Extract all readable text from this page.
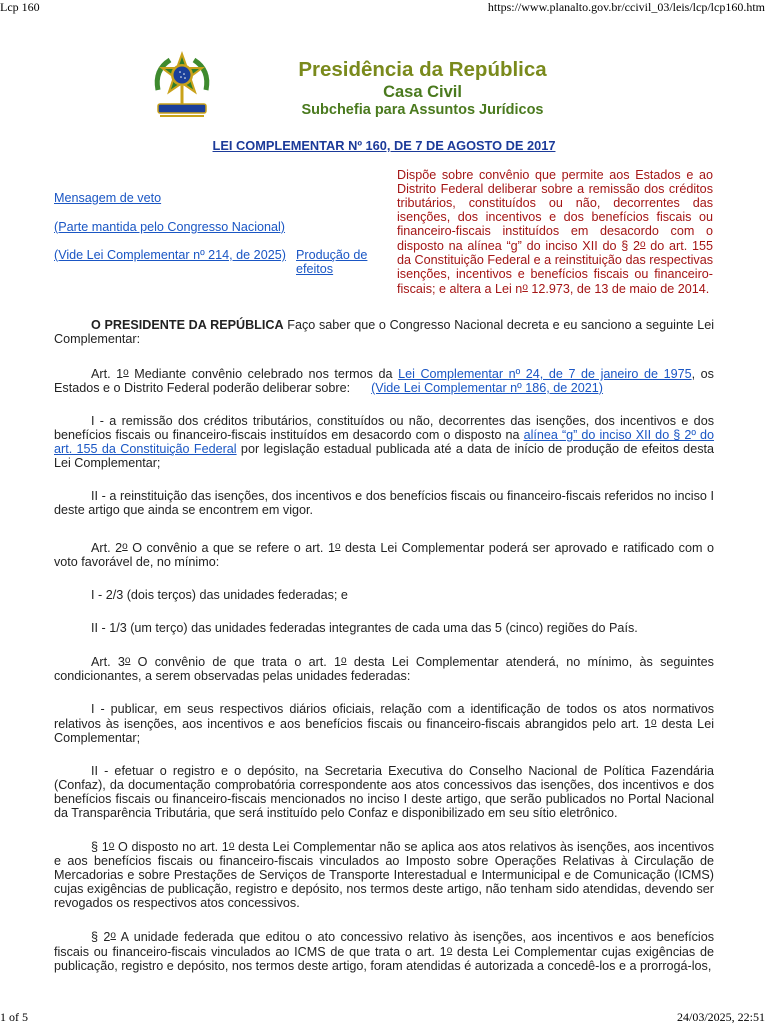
Lcp 160	https://www.planalto.gov.br/ccivil_03/leis/lcp/lcp160.htm
1 of 5	24/03/2025, 22:51
Presidência da República
Casa Civil
Subchefia para Assuntos Jurídicos
LEI COMPLEMENTAR Nº 160, DE 7 DE AGOSTO DE 2017
Mensagem de veto
(Parte mantida pelo Congresso Nacional)
(Vide Lei Complementar nº 214, de 2025) Produção de efeitos
Dispõe sobre convênio que permite aos Estados e ao Distrito Federal deliberar sobre a remissão dos créditos tributários, constituídos ou não, decorrentes das isenções, dos incentivos e dos benefícios fiscais ou financeiro-fiscais instituídos em desacordo com o disposto na alínea “g” do inciso XII do § 2$^o$ do art. 155 da Constituição Federal e a reinstituição das respectivas isenções, incentivos e benefícios fiscais ou financeiro-fiscais; e altera a Lei $n^o$ 12.973, de 13 de maio de 2014.

O PRESIDENTE DA REPÚBLICA Faço saber que o Congresso Nacional decreta e eu sanciono a seguinte Lei Complementar:

Art. 1$^o$ Mediante convênio celebrado nos termos da Lei Complementar nº 24, de 7 de janeiro de 1975, os Estados e o Distrito Federal poderão deliberar sobre:      (Vide Lei Complementar nº 186, de 2021)

I - a remissão dos créditos tributários, constituídos ou não, decorrentes das isenções, dos incentivos e dos benefícios fiscais ou financeiro-fiscais instituídos em desacordo com o disposto na alínea “g” do inciso XII do § 2º do art. 155 da Constituição Federal por legislação estadual publicada até a data de início de produção de efeitos desta Lei Complementar;

II - a reinstituição das isenções, dos incentivos e dos benefícios fiscais ou financeiro-fiscais referidos no inciso I deste artigo que ainda se encontrem em vigor.

Art. 2$^o$ O convênio a que se refere o art. 1$^o$ desta Lei Complementar poderá ser aprovado e ratificado com o voto favorável de, no mínimo:

I - 2/3 (dois terços) das unidades federadas; e

II - 1/3 (um terço) das unidades federadas integrantes de cada uma das 5 (cinco) regiões do País.

Art. 3$^o$ O convênio de que trata o art. 1$^o$ desta Lei Complementar atenderá, no mínimo, às seguintes condicionantes, a serem observadas pelas unidades federadas:

I - publicar, em seus respectivos diários oficiais, relação com a identificação de todos os atos normativos relativos às isenções, aos incentivos e aos benefícios fiscais ou financeiro-fiscais abrangidos pelo art. 1$^o$ desta Lei Complementar;

II - efetuar o registro e o depósito, na Secretaria Executiva do Conselho Nacional de Política Fazendária (Confaz), da documentação comprobatória correspondente aos atos concessivos das isenções, dos incentivos e dos benefícios fiscais ou financeiro-fiscais mencionados no inciso I deste artigo, que serão publicados no Portal Nacional da Transparência Tributária, que será instituído pelo Confaz e disponibilizado em seu sítio eletrônico.

§ 1$^o$ O disposto no art. 1$^o$ desta Lei Complementar não se aplica aos atos relativos às isenções, aos incentivos e aos benefícios fiscais ou financeiro-fiscais vinculados ao Imposto sobre Operações Relativas à Circulação de Mercadorias e sobre Prestações de Serviços de Transporte Interestadual e Intermunicipal e de Comunicação (ICMS) cujas exigências de publicação, registro e depósito, nos termos deste artigo, não tenham sido atendidas, devendo ser revogados os respectivos atos concessivos.

§ 2$^o$ A unidade federada que editou o ato concessivo relativo às isenções, aos incentivos e aos benefícios fiscais ou financeiro-fiscais vinculados ao ICMS de que trata o art. 1$^o$ desta Lei Complementar cujas exigências de publicação, registro e depósito, nos termos deste artigo, foram atendidas é autorizada a concedê-los e a prorrogá-los,
